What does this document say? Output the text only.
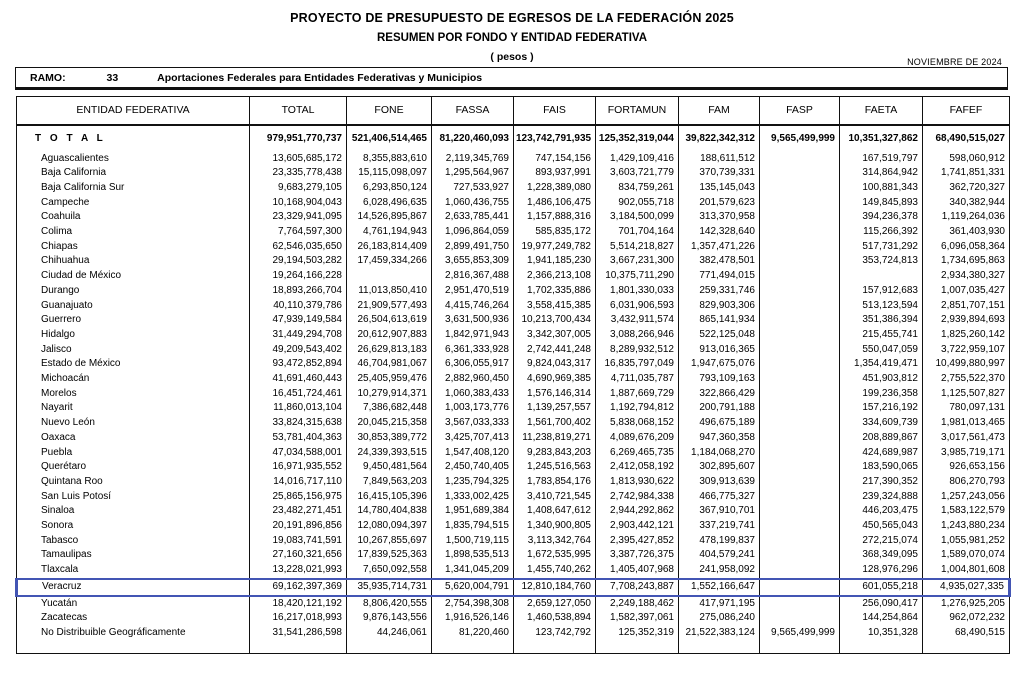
PROYECTO DE PRESUPUESTO DE EGRESOS DE LA FEDERACIÓN 2025
RESUMEN POR FONDO Y ENTIDAD FEDERATIVA
( pesos )	NOVIEMBRE DE 2024
RAMO:	33	Aportaciones Federales para Entidades Federativas y Municipios
ENTIDAD FEDERATIVA	TOTAL	FONE	FASSA	FAIS	FORTAMUN	FAM	FASP	FAETA	FAFEF
T O T A L	979,951,770,737	521,406,514,465	81,220,460,093	123,742,791,935	125,352,319,044	39,822,342,312	9,565,499,999	10,351,327,862	68,490,515,027
Aguascalientes	13,605,685,172	8,355,883,610	2,119,345,769	747,154,156	1,429,109,416	188,611,512		167,519,797	598,060,912
Baja California	23,335,778,438	15,115,098,097	1,295,564,967	893,937,991	3,603,721,779	370,739,331		314,864,942	1,741,851,331
Baja California Sur	9,683,279,105	6,293,850,124	727,533,927	1,228,389,080	834,759,261	135,145,043		100,881,343	362,720,327
Campeche	10,168,904,043	6,028,496,635	1,060,436,755	1,486,106,475	902,055,718	201,579,623		149,845,893	340,382,944
Coahuila	23,329,941,095	14,526,895,867	2,633,785,441	1,157,888,316	3,184,500,099	313,370,958		394,236,378	1,119,264,036
Colima	7,764,597,300	4,761,194,943	1,096,864,059	585,835,172	701,704,164	142,328,640		115,266,392	361,403,930
Chiapas	62,546,035,650	26,183,814,409	2,899,491,750	19,977,249,782	5,514,218,827	1,357,471,226		517,731,292	6,096,058,364
Chihuahua	29,194,503,282	17,459,334,266	3,655,853,309	1,941,185,230	3,667,231,300	382,478,501		353,724,813	1,734,695,863
Ciudad de México	19,264,166,228		2,816,367,488	2,366,213,108	10,375,711,290	771,494,015			2,934,380,327
Durango	18,893,266,704	11,013,850,410	2,951,470,519	1,702,335,886	1,801,330,033	259,331,746		157,912,683	1,007,035,427
Guanajuato	40,110,379,786	21,909,577,493	4,415,746,264	3,558,415,385	6,031,906,593	829,903,306		513,123,594	2,851,707,151
Guerrero	47,939,149,584	26,504,613,619	3,631,500,936	10,213,700,434	3,432,911,574	865,141,934		351,386,394	2,939,894,693
Hidalgo	31,449,294,708	20,612,907,883	1,842,971,943	3,342,307,005	3,088,266,946	522,125,048		215,455,741	1,825,260,142
Jalisco	49,209,543,402	26,629,813,183	6,361,333,928	2,742,441,248	8,289,932,512	913,016,365		550,047,059	3,722,959,107
Estado de México	93,472,852,894	46,704,981,067	6,306,055,917	9,824,043,317	16,835,797,049	1,947,675,076		1,354,419,471	10,499,880,997
Michoacán	41,691,460,443	25,405,959,476	2,882,960,450	4,690,969,385	4,711,035,787	793,109,163		451,903,812	2,755,522,370
Morelos	16,451,724,461	10,279,914,371	1,060,383,433	1,576,146,314	1,887,669,729	322,866,429		199,236,358	1,125,507,827
Nayarit	11,860,013,104	7,386,682,448	1,003,173,776	1,139,257,557	1,192,794,812	200,791,188		157,216,192	780,097,131
Nuevo León	33,824,315,638	20,045,215,358	3,567,033,333	1,561,700,402	5,838,068,152	496,675,189		334,609,739	1,981,013,465
Oaxaca	53,781,404,363	30,853,389,772	3,425,707,413	11,238,819,271	4,089,676,209	947,360,358		208,889,867	3,017,561,473
Puebla	47,034,588,001	24,339,393,515	1,547,408,120	9,283,843,203	6,269,465,735	1,184,068,270		424,689,987	3,985,719,171
Querétaro	16,971,935,552	9,450,481,564	2,450,740,405	1,245,516,563	2,412,058,192	302,895,607		183,590,065	926,653,156
Quintana Roo	14,016,717,110	7,849,563,203	1,235,794,325	1,783,854,176	1,813,930,622	309,913,639		217,390,352	806,270,793
San Luis Potosí	25,865,156,975	16,415,105,396	1,333,002,425	3,410,721,545	2,742,984,338	466,775,327		239,324,888	1,257,243,056
Sinaloa	23,482,271,451	14,780,404,838	1,951,689,384	1,408,647,612	2,944,292,862	367,910,701		446,203,475	1,583,122,579
Sonora	20,191,896,856	12,080,094,397	1,835,794,515	1,340,900,805	2,903,442,121	337,219,741		450,565,043	1,243,880,234
Tabasco	19,083,741,591	10,267,855,697	1,500,719,115	3,113,342,764	2,395,427,852	478,199,837		272,215,074	1,055,981,252
Tamaulipas	27,160,321,656	17,839,525,363	1,898,535,513	1,672,535,995	3,387,726,375	404,579,241		368,349,095	1,589,070,074
Tlaxcala	13,228,021,993	7,650,092,558	1,341,045,209	1,455,740,262	1,405,407,968	241,958,092		128,976,296	1,004,801,608
Veracruz	69,162,397,369	35,935,714,731	5,620,004,791	12,810,184,760	7,708,243,887	1,552,166,647		601,055,218	4,935,027,335
Yucatán	18,420,121,192	8,806,420,555	2,754,398,308	2,659,127,050	2,249,188,462	417,971,195		256,090,417	1,276,925,205
Zacatecas	16,217,018,993	9,876,143,556	1,916,526,146	1,460,538,894	1,582,397,061	275,086,240		144,254,864	962,072,232
No Distribuible Geográficamente	31,541,286,598	44,246,061	81,220,460	123,742,792	125,352,319	21,522,383,124	9,565,499,999	10,351,328	68,490,515
